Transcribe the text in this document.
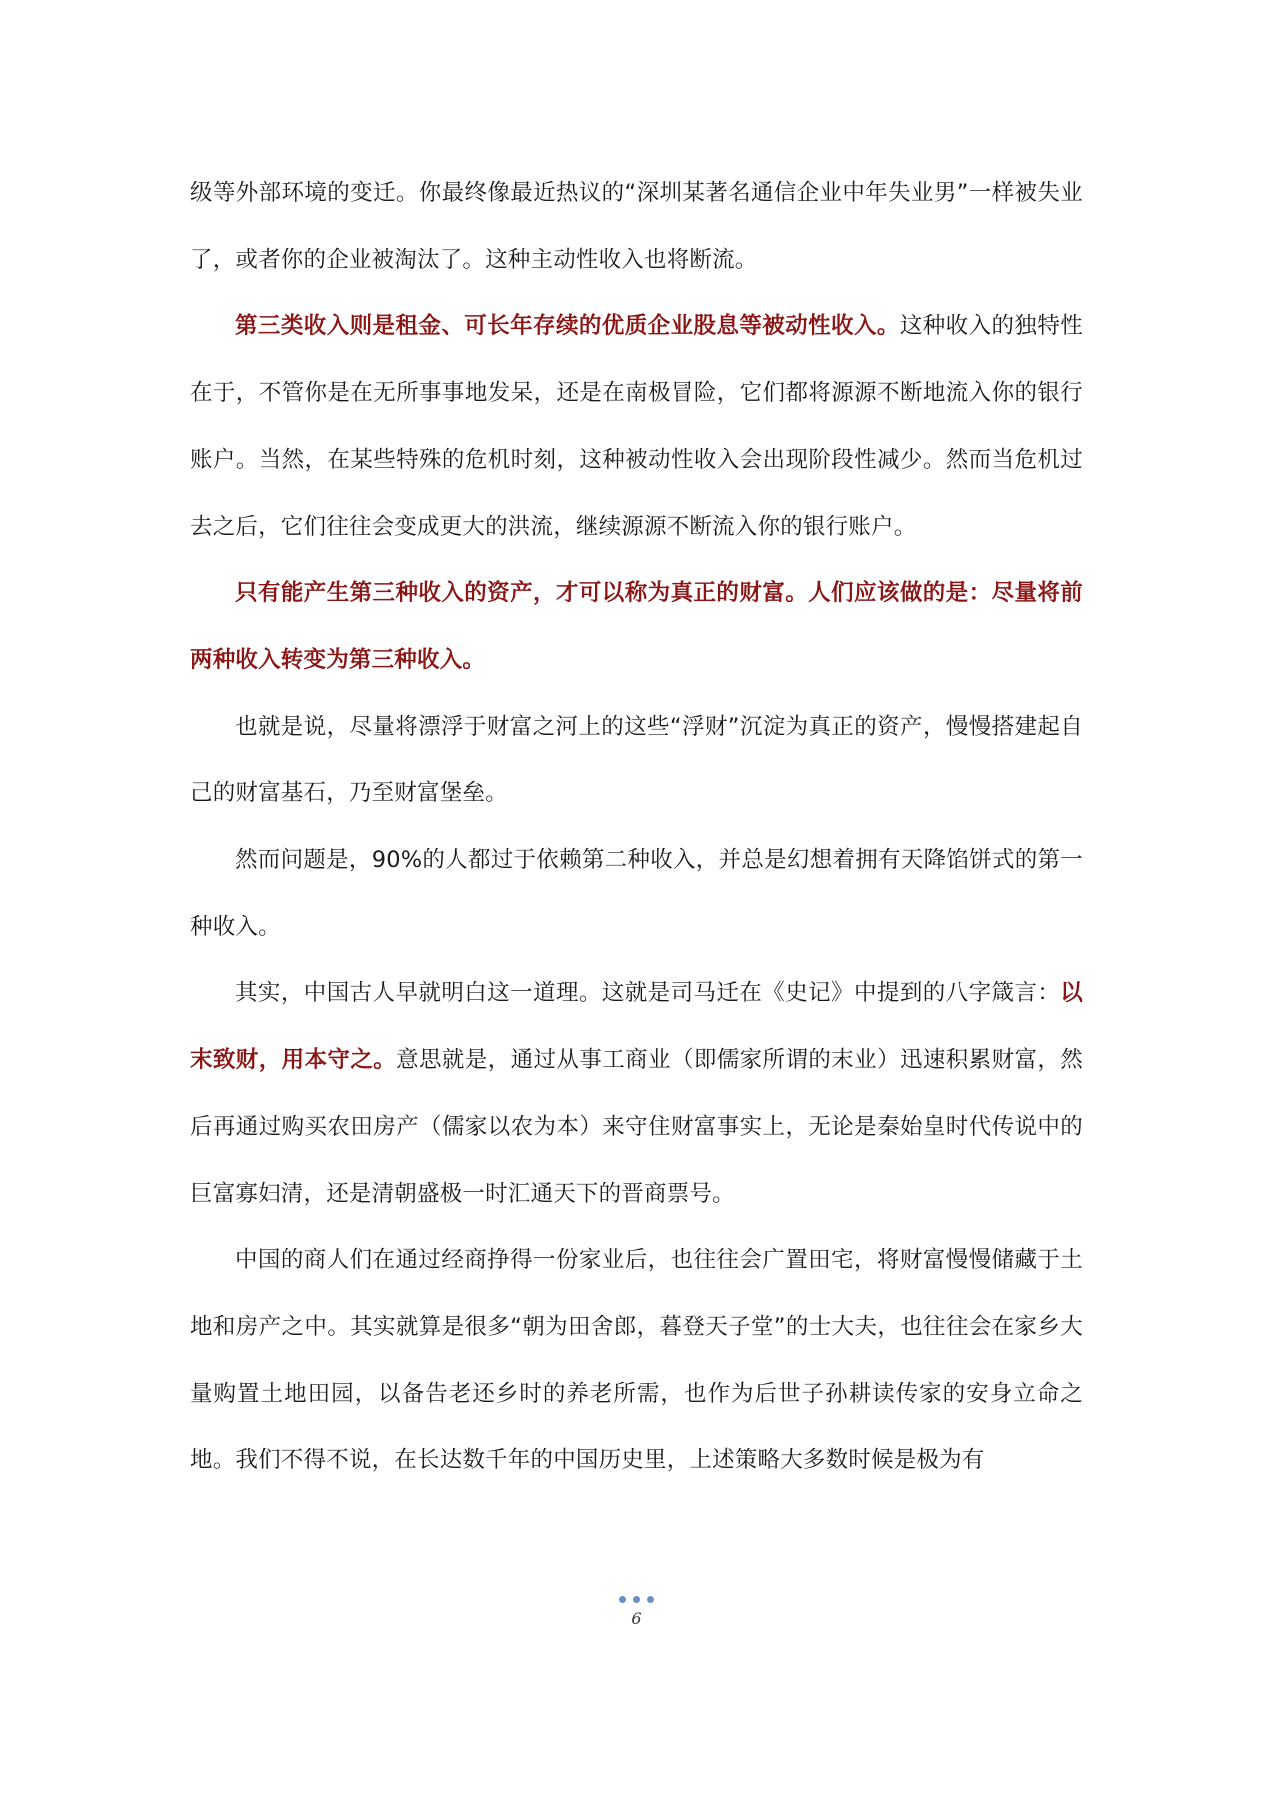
级等外部环境的变迁。你最终像最近热议的“深圳某著名通信企业中年失业男”一样被失业了，或者你的企业被淘汰了。这种主动性收入也将断流。

第三类收入则是租金、可长年存续的优质企业股息等被动性收入。这种收入的独特性在于，不管你是在无所事事地发呆，还是在南极冒险，它们都将源源不断地流入你的银行账户。当然，在某些特殊的危机时刻，这种被动性收入会出现阶段性减少。然而当危机过去之后，它们往往会变成更大的洪流，继续源源不断流入你的银行账户。

只有能产生第三种收入的资产，才可以称为真正的财富。人们应该做的是：尽量将前两种收入转变为第三种收入。

也就是说，尽量将漂浮于财富之河上的这些“浮财”沉淀为真正的资产，慢慢搭建起自己的财富基石，乃至财富堡垒。

然而问题是，90%的人都过于依赖第二种收入，并总是幻想着拥有天降馅饼式的第一种收入。

其实，中国古人早就明白这一道理。这就是司马迁在《史记》中提到的八字箴言：以末致财，用本守之。意思就是，通过从事工商业（即儒家所谓的末业）迅速积累财富，然后再通过购买农田房产（儒家以农为本）来守住财富事实上，无论是秦始皇时代传说中的巨富寡妇清，还是清朝盛极一时汇通天下的晋商票号。

中国的商人们在通过经商挣得一份家业后，也往往会广置田宅，将财富慢慢储藏于土地和房产之中。其实就算是很多“朝为田舍郎，暮登天子堂”的士大夫，也往往会在家乡大量购置土地田园，以备告老还乡时的养老所需，也作为后世子孙耕读传家的安身立命之地。我们不得不说，在长达数千年的中国历史里，上述策略大多数时候是极为有

6
